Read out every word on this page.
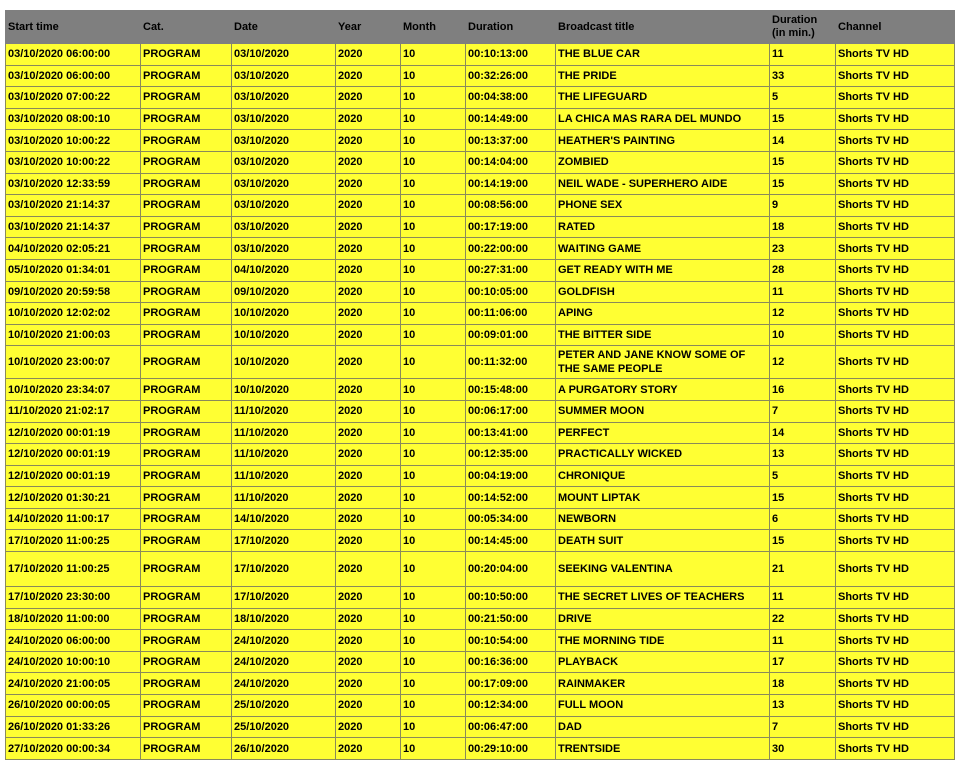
Start time	Cat.	Date	Year	Month	Duration	Broadcast title	Duration (in min.)	Channel
03/10/2020 06:00:00	PROGRAM	03/10/2020	2020	10	00:10:13:00	THE BLUE CAR	11	Shorts TV HD
03/10/2020 06:00:00	PROGRAM	03/10/2020	2020	10	00:32:26:00	THE PRIDE	33	Shorts TV HD
03/10/2020 07:00:22	PROGRAM	03/10/2020	2020	10	00:04:38:00	THE LIFEGUARD	5	Shorts TV HD
03/10/2020 08:00:10	PROGRAM	03/10/2020	2020	10	00:14:49:00	LA CHICA MAS RARA DEL MUNDO	15	Shorts TV HD
03/10/2020 10:00:22	PROGRAM	03/10/2020	2020	10	00:13:37:00	HEATHER'S PAINTING	14	Shorts TV HD
03/10/2020 10:00:22	PROGRAM	03/10/2020	2020	10	00:14:04:00	ZOMBIED	15	Shorts TV HD
03/10/2020 12:33:59	PROGRAM	03/10/2020	2020	10	00:14:19:00	NEIL WADE - SUPERHERO AIDE	15	Shorts TV HD
03/10/2020 21:14:37	PROGRAM	03/10/2020	2020	10	00:08:56:00	PHONE SEX	9	Shorts TV HD
03/10/2020 21:14:37	PROGRAM	03/10/2020	2020	10	00:17:19:00	RATED	18	Shorts TV HD
04/10/2020 02:05:21	PROGRAM	03/10/2020	2020	10	00:22:00:00	WAITING GAME	23	Shorts TV HD
05/10/2020 01:34:01	PROGRAM	04/10/2020	2020	10	00:27:31:00	GET READY WITH ME	28	Shorts TV HD
09/10/2020 20:59:58	PROGRAM	09/10/2020	2020	10	00:10:05:00	GOLDFISH	11	Shorts TV HD
10/10/2020 12:02:02	PROGRAM	10/10/2020	2020	10	00:11:06:00	APING	12	Shorts TV HD
10/10/2020 21:00:03	PROGRAM	10/10/2020	2020	10	00:09:01:00	THE BITTER SIDE	10	Shorts TV HD
10/10/2020 23:00:07	PROGRAM	10/10/2020	2020	10	00:11:32:00	PETER AND JANE KNOW SOME OF THE SAME PEOPLE	12	Shorts TV HD
10/10/2020 23:34:07	PROGRAM	10/10/2020	2020	10	00:15:48:00	A PURGATORY STORY	16	Shorts TV HD
11/10/2020 21:02:17	PROGRAM	11/10/2020	2020	10	00:06:17:00	SUMMER MOON	7	Shorts TV HD
12/10/2020 00:01:19	PROGRAM	11/10/2020	2020	10	00:13:41:00	PERFECT	14	Shorts TV HD
12/10/2020 00:01:19	PROGRAM	11/10/2020	2020	10	00:12:35:00	PRACTICALLY WICKED	13	Shorts TV HD
12/10/2020 00:01:19	PROGRAM	11/10/2020	2020	10	00:04:19:00	CHRONIQUE	5	Shorts TV HD
12/10/2020 01:30:21	PROGRAM	11/10/2020	2020	10	00:14:52:00	MOUNT LIPTAK	15	Shorts TV HD
14/10/2020 11:00:17	PROGRAM	14/10/2020	2020	10	00:05:34:00	NEWBORN	6	Shorts TV HD
17/10/2020 11:00:25	PROGRAM	17/10/2020	2020	10	00:14:45:00	DEATH SUIT	15	Shorts TV HD
17/10/2020 11:00:25	PROGRAM	17/10/2020	2020	10	00:20:04:00	SEEKING VALENTINA	21	Shorts TV HD
17/10/2020 23:30:00	PROGRAM	17/10/2020	2020	10	00:10:50:00	THE SECRET LIVES OF TEACHERS	11	Shorts TV HD
18/10/2020 11:00:00	PROGRAM	18/10/2020	2020	10	00:21:50:00	DRIVE	22	Shorts TV HD
24/10/2020 06:00:00	PROGRAM	24/10/2020	2020	10	00:10:54:00	THE MORNING TIDE	11	Shorts TV HD
24/10/2020 10:00:10	PROGRAM	24/10/2020	2020	10	00:16:36:00	PLAYBACK	17	Shorts TV HD
24/10/2020 21:00:05	PROGRAM	24/10/2020	2020	10	00:17:09:00	RAINMAKER	18	Shorts TV HD
26/10/2020 00:00:05	PROGRAM	25/10/2020	2020	10	00:12:34:00	FULL MOON	13	Shorts TV HD
26/10/2020 01:33:26	PROGRAM	25/10/2020	2020	10	00:06:47:00	DAD	7	Shorts TV HD
27/10/2020 00:00:34	PROGRAM	26/10/2020	2020	10	00:29:10:00	TRENTSIDE	30	Shorts TV HD
